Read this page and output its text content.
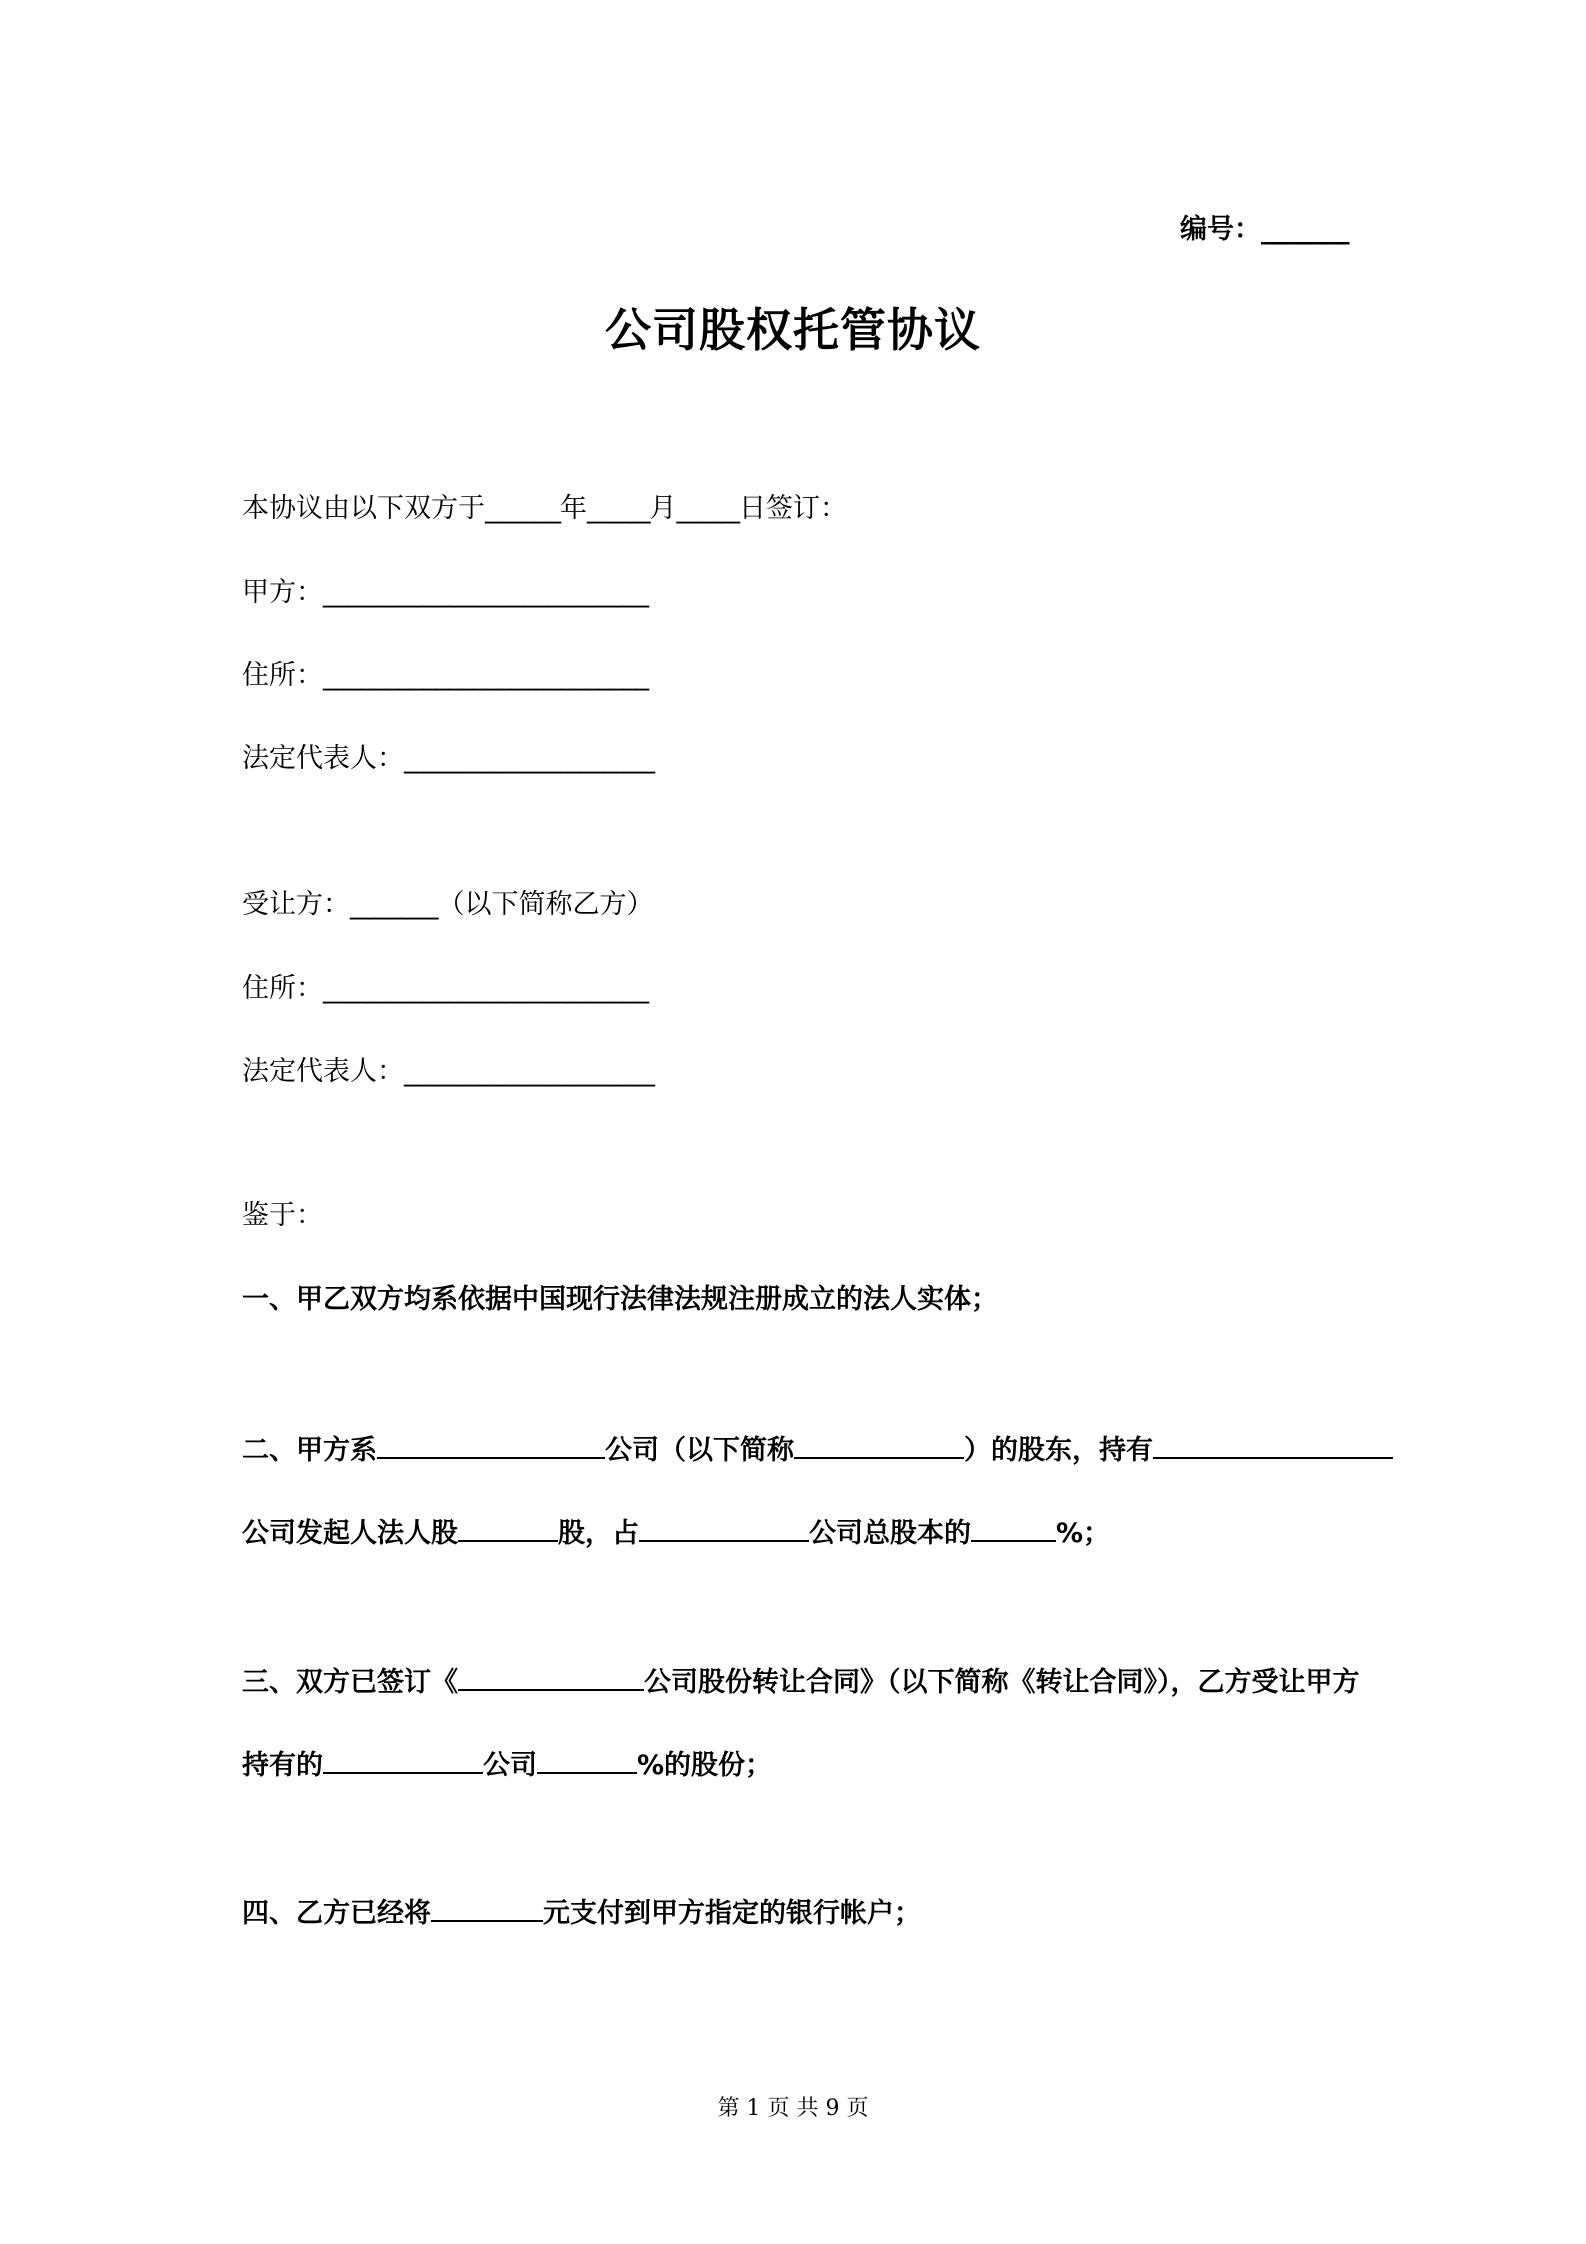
编号：_______
公司股权托管协议
本协议由以下双方于______年_____月_____日签订：
甲方：__________________________
住所：__________________________
法定代表人：____________________
受让方：_______（以下简称乙方）
住所：__________________________
法定代表人：____________________
鉴于：
一、甲乙双方均系依据中国现行法律法规注册成立的法人实体；
二、甲方系	公司（以下简称	）的股东，持有
公司发起人法人股	股，占	公司总股本的	%；
三、双方已签订《	公司股份转让合同》（以下简称《转让合同》），乙方受让甲方
持有的	公司	%的股份；
四、乙方已经将	元支付到甲方指定的银行帐户；
第 1 页 共 9 页
